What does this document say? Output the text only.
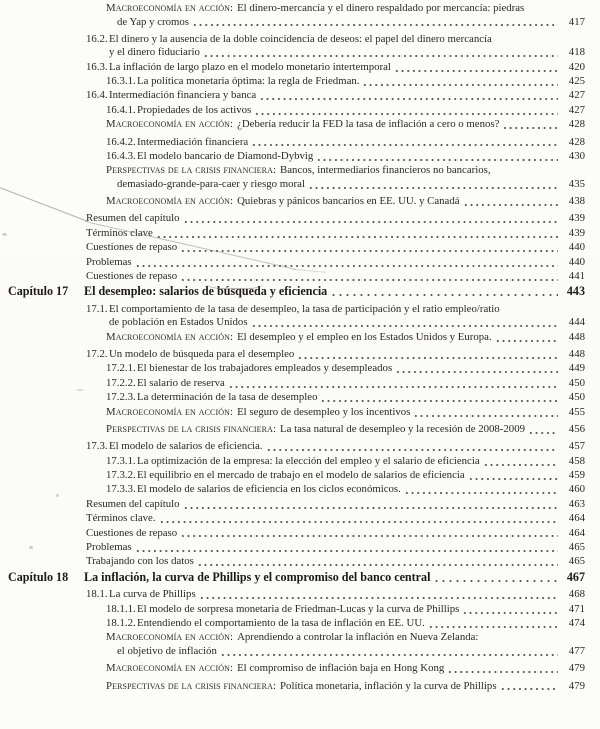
Macroeconomía en acción: El dinero-mercancía y el dinero respaldado por mercancía: piedras
de Yap y cromos	417
16.2. El dinero y la ausencia de la doble coincidencia de deseos: el papel del dinero mercancía
y el dinero fiduciario	418
16.3. La inflación de largo plazo en el modelo monetario intertemporal	420
16.3.1. La política monetaria óptima: la regla de Friedman.	425
16.4. Intermediación financiera y banca	427
16.4.1. Propiedades de los activos	427
Macroeconomía en acción: ¿Debería reducir la FED la tasa de inflación a cero o menos?	428
16.4.2. Intermediación financiera	428
16.4.3. El modelo bancario de Diamond-Dybvig	430
Perspectivas de la crisis financiera: Bancos, intermediarios financieros no bancarios,
demasiado-grande-para-caer y riesgo moral	435
Macroeconomía en acción: Quiebras y pánicos bancarios en EE. UU. y Canadá	438
Resumen del capítulo	439
Términos clave	439
Cuestiones de repaso	440
Problemas	440
Cuestiones de repaso	441
Capítulo 17 El desempleo: salarios de búsqueda y eficiencia	443
17.1. El comportamiento de la tasa de desempleo, la tasa de participación y el ratio empleo/ratio
de población en Estados Unidos	444
Macroeconomía en acción: El desempleo y el empleo en los Estados Unidos y Europa.	448
17.2. Un modelo de búsqueda para el desempleo	448
17.2.1. El bienestar de los trabajadores empleados y desempleados	449
17.2.2. El salario de reserva	450
17.2.3. La determinación de la tasa de desempleo	450
Macroeconomía en acción: El seguro de desempleo y los incentivos	455
Perspectivas de la crisis financiera: La tasa natural de desempleo y la recesión de 2008-2009	456
17.3. El modelo de salarios de eficiencia.	457
17.3.1. La optimización de la empresa: la elección del empleo y el salario de eficiencia	458
17.3.2. El equilibrio en el mercado de trabajo en el modelo de salarios de eficiencia	459
17.3.3. El modelo de salarios de eficiencia en los ciclos económicos.	460
Resumen del capítulo	463
Términos clave.	464
Cuestiones de repaso	464
Problemas	465
Trabajando con los datos	465
Capítulo 18 La inflación, la curva de Phillips y el compromiso del banco central	467
18.1. La curva de Phillips	468
18.1.1. El modelo de sorpresa monetaria de Friedman-Lucas y la curva de Phillips	471
18.1.2. Entendiendo el comportamiento de la tasa de inflación en EE. UU.	474
Macroeconomía en acción: Aprendiendo a controlar la inflación en Nueva Zelanda:
el objetivo de inflación	477
Macroeconomía en acción: El compromiso de inflación baja en Hong Kong	479
Perspectivas de la crisis financiera: Política monetaria, inflación y la curva de Phillips	479
